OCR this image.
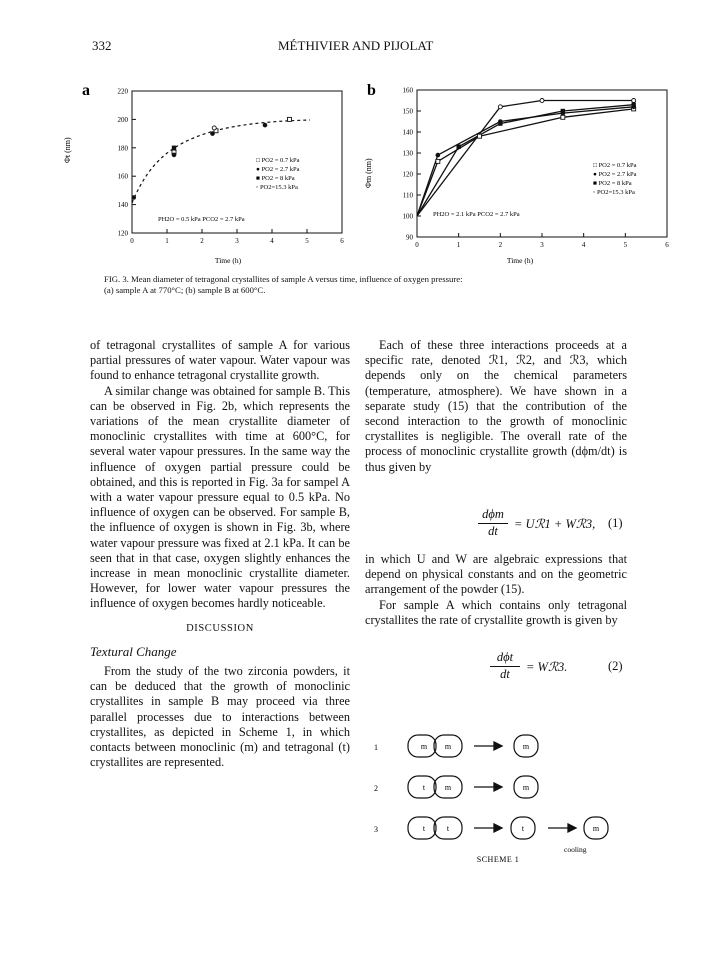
332	MÉTHIVIER AND PIJOLAT
a	220
200
180
160
140
120
0	1	2	3	4	5	6
Φt (nm)
Time (h)
□ PO2 = 0.7 kPa
● PO2 = 2.7 kPa
■ PO2 = 8 kPa
◦ PO2=15.3 kPa
PH2O = 0.5 kPa PCO2 = 2.7 kPa
b	160
150
140
130
120
110
100
90
0	1	2	3	4	5	6
Φm (nm)
Time (h)
□ PO2 = 0.7 kPa
● PO2 = 2.7 kPa
■ PO2 = 8 kPa
◦ PO2=15.3 kPa
PH2O = 2.1 kPa PCO2 = 2.7 kPa
FIG. 3. Mean diameter of tetragonal crystallites of sample A versus time, influence of oxygen pressure:
(a) sample A at 770°C; (b) sample B at 600°C.

of tetragonal crystallites of sample A for various partial pressures of water vapour. Water vapour was found to enhance tetragonal crystallite growth.

A similar change was obtained for sample B. This can be observed in Fig. 2b, which represents the variations of the mean crystallite diameter of monoclinic crystallites with time at 600°C, for several water vapour pressures. In the same way the influence of oxygen partial pressure could be obtained, and this is reported in Fig. 3a for sampel A with a water vapour pressure equal to 0.5 kPa. No influence of oxygen can be observed. For sample B, the influence of oxygen is shown in Fig. 3b, where water vapour pressure was fixed at 2.1 kPa. It can be seen that in that case, oxygen slightly enhances the increase in mean monoclinic crystallite diameter. However, for lower water vapour pressures the influence of oxygen becomes hardly noticeable.

DISCUSSION

Textural Change

From the study of the two zirconia powders, it can be deduced that the growth of monoclinic crystallites in sample B may proceed via three parallel processes due to interactions between crystallites, as depicted in Scheme 1, in which contacts between monoclinic (m) and tetragonal (t) crystallites are represented.

Each of these three interactions proceeds at a specific rate, denoted ℛ1, ℛ2, and ℛ3, which depends only on the chemical parameters (temperature, atmosphere). We have shown in a separate study (15) that the contribution of the second interaction to the growth of monoclinic crystallites is negligible. The overall rate of the process of monoclinic crystallite growth (dϕm/dt) is thus given by

dϕm
dt	= Uℛ1 + Wℛ3, (1)

in which U and W are algebraic expressions that depend on physical constants and on the geometric arrangement of the powder (15).

For sample A which contains only tetragonal crystallites the rate of crystallite growth is given by

dϕt
dt	= Wℛ3.	(2)
1
2
3
m m	m
t m	m
t	t	t	m
cooling
SCHEME 1
